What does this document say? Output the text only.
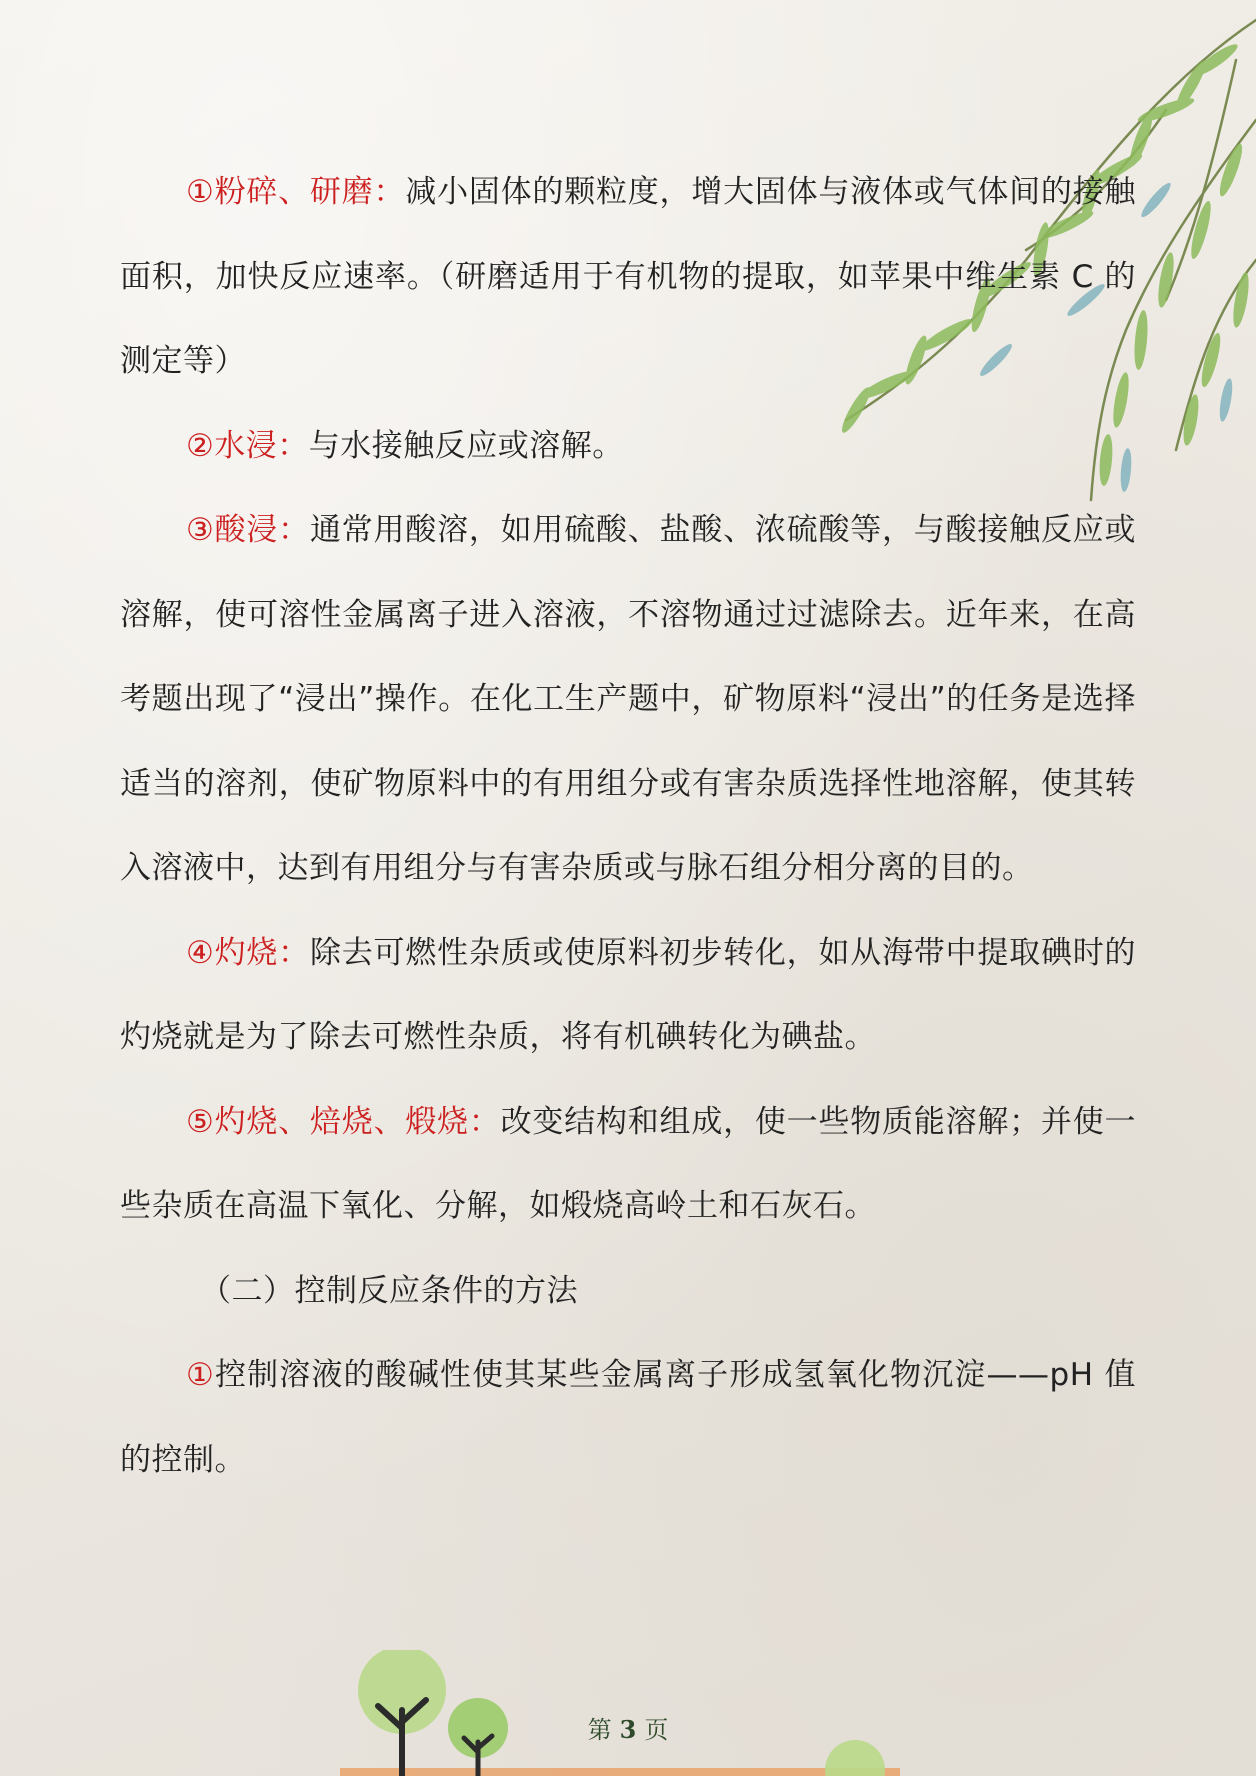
①粉碎、研磨：减小固体的颗粒度，增大固体与液体或气体间的接触面积，加快反应速率。（研磨适用于有机物的提取，如苹果中维生素 C 的测定等）

②水浸：与水接触反应或溶解。

③酸浸：通常用酸溶，如用硫酸、盐酸、浓硫酸等，与酸接触反应或溶解，使可溶性金属离子进入溶液，不溶物通过过滤除去。近年来，在高考题出现了“浸出”操作。在化工生产题中，矿物原料“浸出”的任务是选择适当的溶剂，使矿物原料中的有用组分或有害杂质选择性地溶解，使其转入溶液中，达到有用组分与有害杂质或与脉石组分相分离的目的。

④灼烧：除去可燃性杂质或使原料初步转化，如从海带中提取碘时的灼烧就是为了除去可燃性杂质，将有机碘转化为碘盐。

⑤灼烧、焙烧、煅烧：改变结构和组成，使一些物质能溶解；并使一些杂质在高温下氧化、分解，如煅烧高岭土和石灰石。

（二）控制反应条件的方法

①控制溶液的酸碱性使其某些金属离子形成氢氧化物沉淀——pH 值的控制。

第 3 页
